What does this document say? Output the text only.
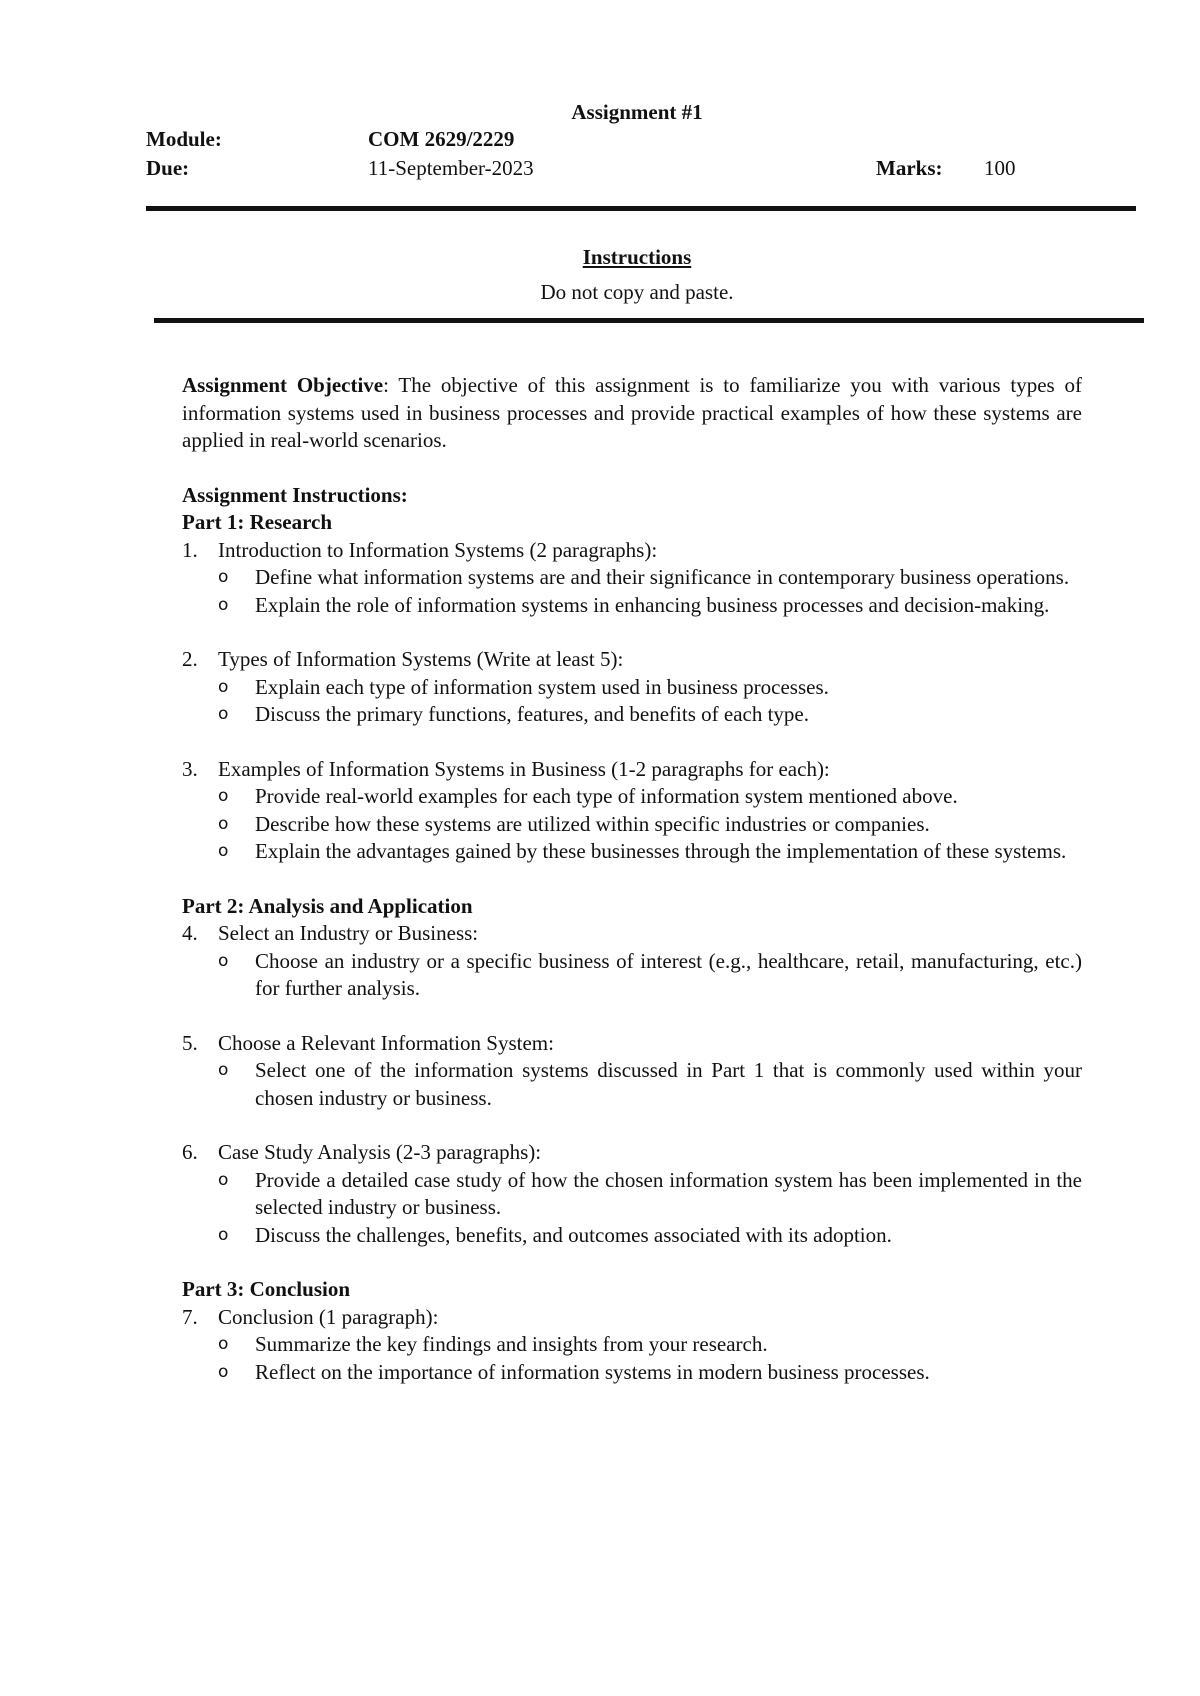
Assignment #1
Module:	COM 2629/2229
Due:	11-September-2023	Marks: 100
Instructions
Do not copy and paste.

Assignment Objective: The objective of this assignment is to familiarize you with various types of information systems used in business processes and provide practical examples of how these systems are applied in real-world scenarios.

Assignment Instructions:
Part 1: Research
1. Introduction to Information Systems (2 paragraphs):
o Define what information systems are and their significance in contemporary business operations.
o Explain the role of information systems in enhancing business processes and decision-making.
2. Types of Information Systems (Write at least 5):
o Explain each type of information system used in business processes.
o Discuss the primary functions, features, and benefits of each type.
3. Examples of Information Systems in Business (1-2 paragraphs for each):
o Provide real-world examples for each type of information system mentioned above.
o Describe how these systems are utilized within specific industries or companies.
o Explain the advantages gained by these businesses through the implementation of these systems.
Part 2: Analysis and Application
4. Select an Industry or Business:
o Choose an industry or a specific business of interest (e.g., healthcare, retail, manufacturing, etc.) for further analysis.
5. Choose a Relevant Information System:
o Select one of the information systems discussed in Part 1 that is commonly used within your chosen industry or business.
6. Case Study Analysis (2-3 paragraphs):
o Provide a detailed case study of how the chosen information system has been implemented in the selected industry or business.
o Discuss the challenges, benefits, and outcomes associated with its adoption.
Part 3: Conclusion
7. Conclusion (1 paragraph):
o Summarize the key findings and insights from your research.
o Reflect on the importance of information systems in modern business processes.
